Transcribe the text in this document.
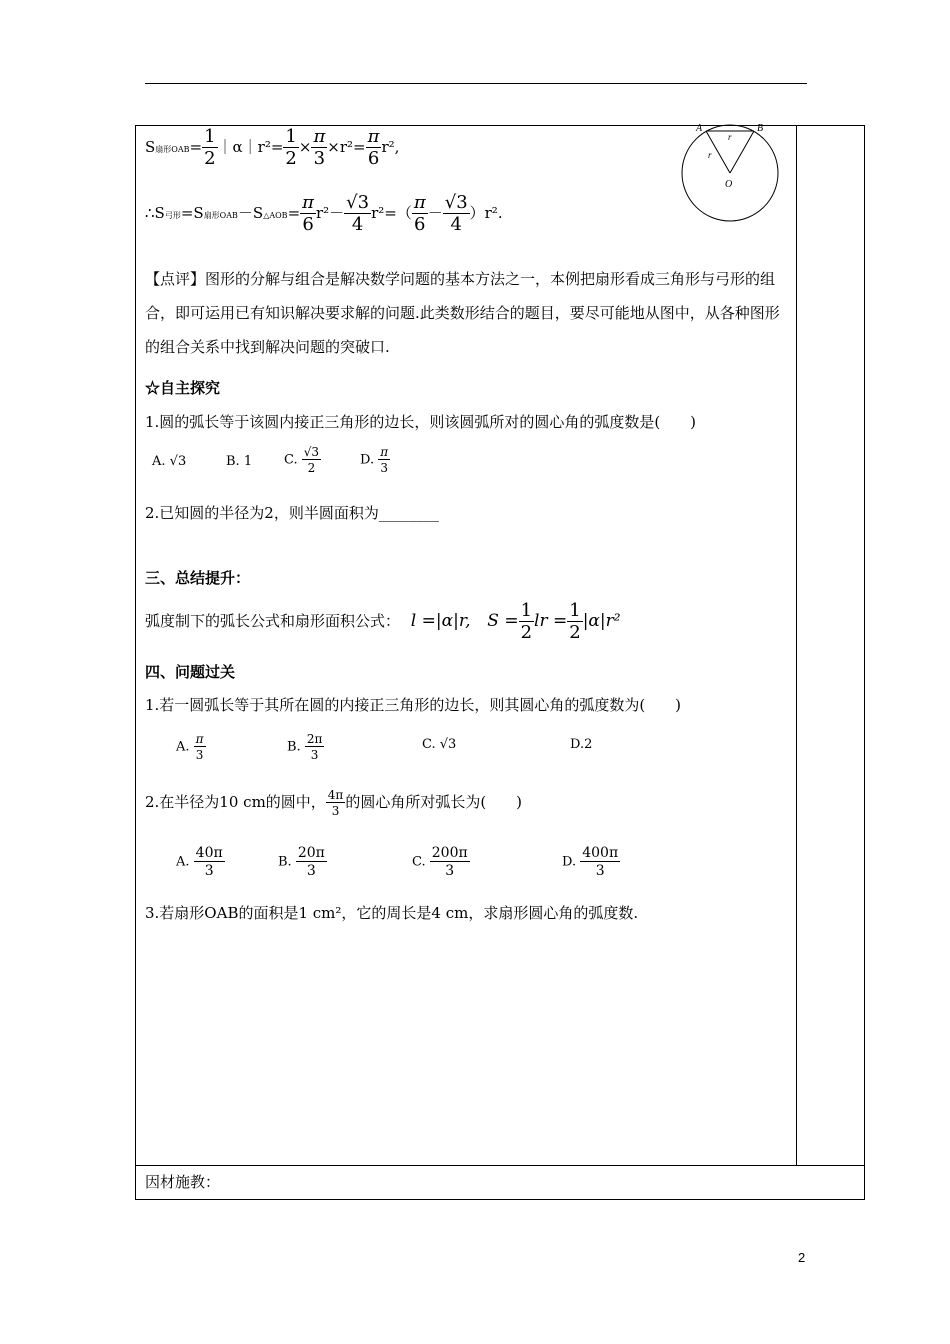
S扇形$OAB= \frac{1}{2}$ ｜α｜r²= $\frac{1}{2} \times \frac{\pi}{3} \times r^2= \frac{\pi}{6} r^2$,
∴S弓形=S扇形OAB－S△AOB= $\frac{\pi}{6} r^2- \frac{√3}{4} r^2=( \frac{\pi}{6} - \frac{√3}{4} )r^2$.
A	B
r
r
O
【点评】图形的分解与组合是解决数学问题的基本方法之一，本例把扇形看成三角形与弓形的组合，即可运用已有知识解决要求解的问题.此类数形结合的题目，要尽可能地从图中，从各种图形的组合关系中找到解决问题的突破口.
☆自主探究
1.圆的弧长等于该圆内接正三角形的边长，则该圆弧所对的圆心角的弧度数是(　　)
A. √3	B. 1 C. $\frac{√3}{2}$	D. $\frac{\pi}{3}$
2.已知圆的半径为2，则半圆面积为________
三、总结提升：
弧度制下的弧长公式和扇形面积公式： l =|α|r, $S = \frac{1}{2}$ lr = $\frac{1}{2} |\alpha|r^2$
四、问题过关
1.若一圆弧长等于其所在圆的内接正三角形的边长，则其圆心角的弧度数为(　　)
A. $\frac{\pi}{3}$	B. $\frac{2\pi}{3}$	C. √3	D.2
2.在半径为10 cm的圆中， $\frac{4\pi}{3}$ 的圆心角所对弧长为(　　)
A. $\frac{40\pi}{3}$	B. $\frac{20\pi}{3}$	C. $\frac{200\pi}{3}$	D. $\frac{400\pi}{3}$
3.若扇形OAB的面积是1 cm²，它的周长是4 cm，求扇形圆心角的弧度数.
因材施教：
2
